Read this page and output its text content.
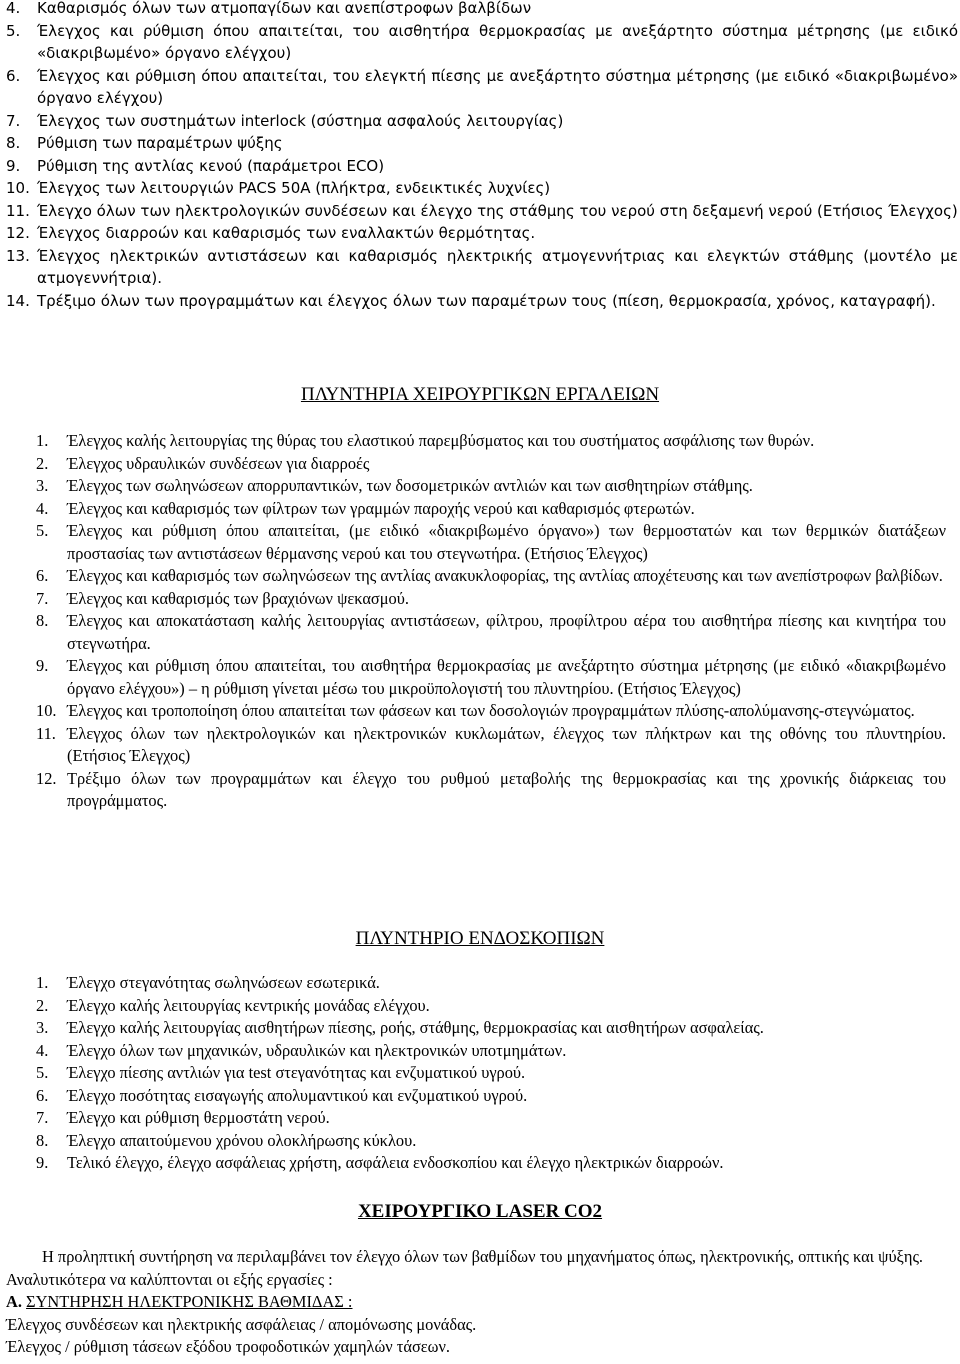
4.	Καθαρισμός όλων των ατμοπαγίδων και ανεπίστροφων βαλβίδων
5.	Έλεγχος και ρύθμιση όπου απαιτείται, του αισθητήρα θερμοκρασίας με ανεξάρτητο σύστημα μέτρησης (με ειδικό «διακριβωμένο» όργανο ελέγχου)
6.	Έλεγχος και ρύθμιση όπου απαιτείται, του ελεγκτή πίεσης με ανεξάρτητο σύστημα μέτρησης (με ειδικό «διακριβωμένο» όργανο ελέγχου)
7.	Έλεγχος των συστημάτων interlock (σύστημα ασφαλούς λειτουργίας)
8.	Ρύθμιση των παραμέτρων ψύξης
9.	Ρύθμιση της αντλίας κενού (παράμετροι ECO)
10. Έλεγχος των λειτουργιών PACS 50A (πλήκτρα, ενδεικτικές λυχνίες)
11. Έλεγχο όλων των ηλεκτρολογικών συνδέσεων και έλεγχο της στάθμης του νερού στη δεξαμενή νερού (Ετήσιος Έλεγχος)
12. Έλεγχος διαρροών και καθαρισμός των εναλλακτών θερμότητας.
13. Έλεγχος ηλεκτρικών αντιστάσεων και καθαρισμός ηλεκτρικής ατμογεννήτριας και ελεγκτών στάθμης (μοντέλο με ατμογεννήτρια).
14. Τρέξιμο όλων των προγραμμάτων και έλεγχος όλων των παραμέτρων τους (πίεση, θερμοκρασία, χρόνος, καταγραφή).
ΠΛΥΝΤΗΡΙΑ ΧΕΙΡΟΥΡΓΙΚΩΝ ΕΡΓΑΛΕΙΩΝ
1.	Έλεγχος καλής λειτουργίας της θύρας του ελαστικού παρεμβύσματος και του συστήματος ασφάλισης των θυρών.
2.	Έλεγχος υδραυλικών συνδέσεων για διαρροές
3.	Έλεγχος των σωληνώσεων απορρυπαντικών, των δοσομετρικών αντλιών και των αισθητηρίων στάθμης.
4.	Έλεγχος και καθαρισμός των φίλτρων των γραμμών παροχής νερού και καθαρισμός φτερωτών.
5.	Έλεγχος και ρύθμιση όπου απαιτείται, (με ειδικό «διακριβωμένο όργανο») των θερμοστατών και των θερμικών διατάξεων προστασίας των αντιστάσεων θέρμανσης νερού και του στεγνωτήρα. (Ετήσιος Έλεγχος)
6.	Έλεγχος και καθαρισμός των σωληνώσεων της αντλίας ανακυκλοφορίας, της αντλίας αποχέτευσης και των ανεπίστροφων βαλβίδων.
7.	Έλεγχος και καθαρισμός των βραχιόνων ψεκασμού.
8.	Έλεγχος και αποκατάσταση καλής λειτουργίας αντιστάσεων, φίλτρου, προφίλτρου αέρα του αισθητήρα πίεσης και κινητήρα του στεγνωτήρα.
9.	Έλεγχος και ρύθμιση όπου απαιτείται, του αισθητήρα θερμοκρασίας με ανεξάρτητο σύστημα μέτρησης (με ειδικό «διακριβωμένο όργανο ελέγχου») – η ρύθμιση γίνεται μέσω του μικροϋπολογιστή του πλυντηρίου. (Ετήσιος Έλεγχος)
10. Έλεγχος και τροποποίηση όπου απαιτείται των φάσεων και των δοσολογιών προγραμμάτων πλύσης-απολύμανσης-στεγνώματος.
11. Έλεγχος όλων των ηλεκτρολογικών και ηλεκτρονικών κυκλωμάτων, έλεγχος των πλήκτρων και της οθόνης του πλυντηρίου. (Ετήσιος Έλεγχος)
12. Τρέξιμο όλων των προγραμμάτων και έλεγχο του ρυθμού μεταβολής της θερμοκρασίας και της χρονικής διάρκειας του προγράμματος.
ΠΛΥΝΤΗΡΙΟ ΕΝΔΟΣΚΟΠΙΩΝ
1.	Έλεγχο στεγανότητας σωληνώσεων εσωτερικά.
2.	Έλεγχο καλής λειτουργίας κεντρικής μονάδας ελέγχου.
3.	Έλεγχο καλής λειτουργίας αισθητήρων πίεσης, ροής, στάθμης, θερμοκρασίας και αισθητήρων ασφαλείας.
4.	Έλεγχο όλων των μηχανικών, υδραυλικών και ηλεκτρονικών υποτμημάτων.
5.	Έλεγχο πίεσης αντλιών για test στεγανότητας και ενζυματικού υγρού.
6.	Έλεγχο ποσότητας εισαγωγής απολυμαντικού και ενζυματικού υγρού.
7.	Έλεγχο και ρύθμιση θερμοστάτη νερού.
8.	Έλεγχο απαιτούμενου χρόνου ολοκλήρωσης κύκλου.
9.	Τελικό έλεγχο, έλεγχο ασφάλειας χρήστη, ασφάλεια ενδοσκοπίου και έλεγχο ηλεκτρικών διαρροών.
ΧΕΙΡΟΥΡΓΙΚΟ LASER CO2
Η προληπτική συντήρηση να περιλαμβάνει τον έλεγχο όλων των βαθμίδων του μηχανήματος όπως, ηλεκτρονικής, οπτικής και ψύξης. Αναλυτικότερα να καλύπτονται οι εξής εργασίες :
Α. ΣΥΝΤΗΡΗΣΗ ΗΛΕΚΤΡΟΝΙΚΗΣ ΒΑΘΜΙΔΑΣ :
Έλεγχος συνδέσεων και ηλεκτρικής ασφάλειας / απομόνωσης μονάδας.
Έλεγχος / ρύθμιση τάσεων εξόδου τροφοδοτικών χαμηλών τάσεων.
